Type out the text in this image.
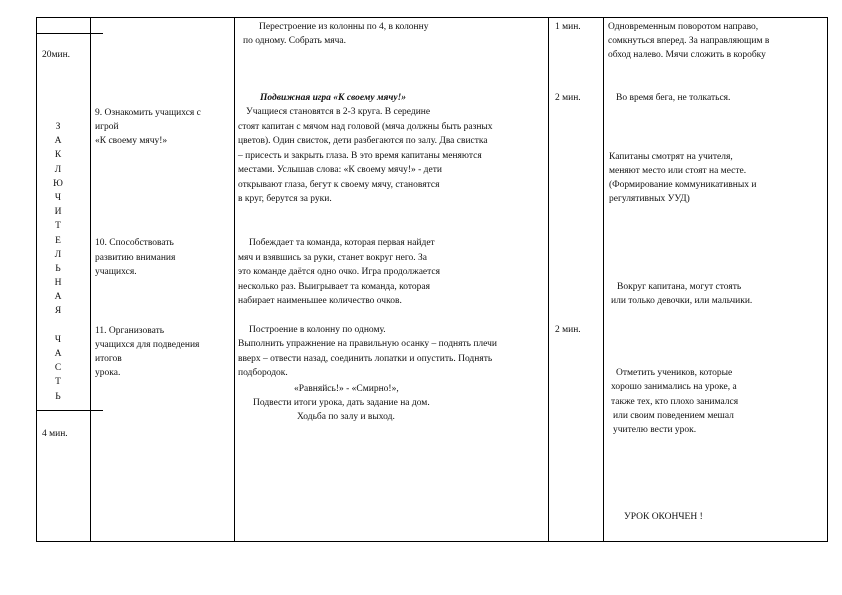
20мин.
З
А
К
Л
Ю
Ч
И
Т
Е
Л
Ь
Н
А
Я
Ч
А
С
Т
Ь
4 мин.
9. Ознакомить учащихся с
игрой
«К своему мячу!»
10. Способствовать
развитию внимания
учащихся.
11. Организовать
учащихся для подведения
итогов
урока.
Перестроение из колонны по 4, в колонну
по одному. Собрать мяча.
Подвижная игра «К своему мячу!»
Учащиеся становятся в 2-3 круга. В середине
стоят капитан с мячом над головой (мяча должны быть разных
цветов). Один свисток, дети разбегаются по залу. Два свистка
– присесть и закрыть глаза. В это время капитаны меняются
местами. Услышав слова: «К своему мячу!» - дети
открывают глаза, бегут к своему мячу, становятся
в круг, берутся за руки.
Побеждает та команда, которая первая найдет
мяч и взявшись за руки, станет вокруг него. За
это команде даётся одно очко. Игра продолжается
несколько раз. Выигрывает та команда, которая
набирает наименьшее количество очков.
Построение в колонну по одному.
Выполнить упражнение на правильную осанку – поднять плечи
вверх – отвести назад, соединить лопатки и опустить. Поднять
подбородок.
«Равняйсь!» - «Смирно!»,
Подвести итоги урока, дать задание на дом.
Ходьба по залу и выход.
1 мин.
2 мин.
2 мин.
Одновременным поворотом направо,
сомкнуться вперед. За направляющим в
обход налево. Мячи сложить в коробку
Во время бега, не толкаться.
Капитаны смотрят на учителя,
меняют место или стоят на месте.
(Формирование коммуникативных и
регулятивных УУД)
Вокруг капитана, могут стоять
или только девочки, или мальчики.
Отметить учеников, которые
хорошо занимались на уроке, а
также тех, кто плохо занимался
или своим поведением мешал
учителю вести урок.
УРОК ОКОНЧЕН !
